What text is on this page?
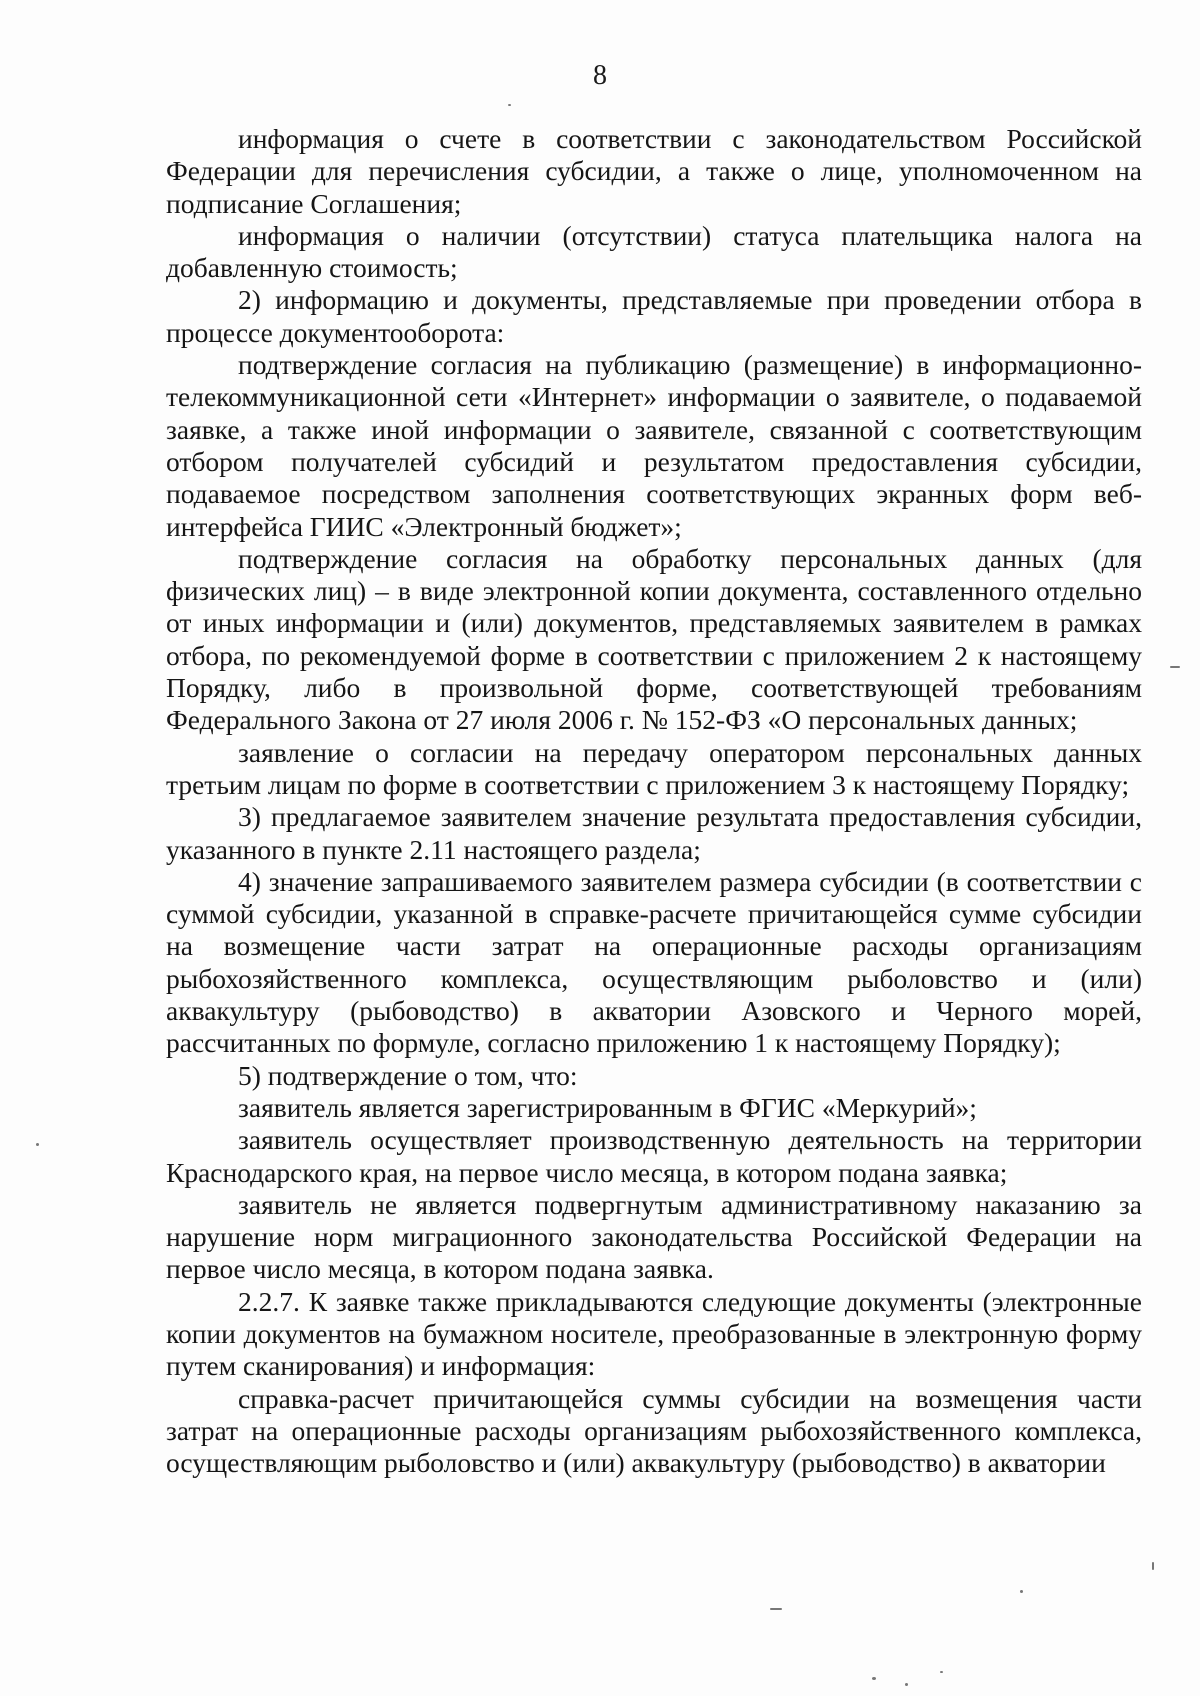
8

информация о счете в соответствии с законодательством Российской Федерации для перечисления субсидии, а также о лице, уполномоченном на подписание Соглашения;

информация о наличии (отсутствии) статуса плательщика налога на добавленную стоимость;

2) информацию и документы, представляемые при проведении отбора в процессе документооборота:

подтверждение согласия на публикацию (размещение) в информационно-телекоммуникационной сети «Интернет» информации о заявителе, о подаваемой заявке, а также иной информации о заявителе, связанной с соответствующим отбором получателей субсидий и результатом предоставления субсидии, подаваемое посредством заполнения соответствующих экранных форм веб-интерфейса ГИИС «Электронный бюджет»;

подтверждение согласия на обработку персональных данных (для физических лиц) – в виде электронной копии документа, составленного отдельно от иных информации и (или) документов, представляемых заявителем в рамках отбора, по рекомендуемой форме в соответствии с приложением 2 к настоящему Порядку, либо в произвольной форме, соответствующей требованиям Федерального Закона от 27 июля 2006 г. № 152-ФЗ «О персональных данных;

заявление о согласии на передачу оператором персональных данных третьим лицам по форме в соответствии с приложением 3 к настоящему Порядку;

3) предлагаемое заявителем значение результата предоставления субсидии, указанного в пункте 2.11 настоящего раздела;

4) значение запрашиваемого заявителем размера субсидии (в соответствии с суммой субсидии, указанной в справке-расчете причитающейся сумме субсидии на возмещение части затрат на операционные расходы организациям рыбохозяйственного комплекса, осуществляющим рыболовство и (или) аквакультуру (рыбоводство) в акватории Азовского и Черного морей, рассчитанных по формуле, согласно приложению 1 к настоящему Порядку);

5) подтверждение о том, что:

заявитель является зарегистрированным в ФГИС «Меркурий»;

заявитель осуществляет производственную деятельность на территории Краснодарского края, на первое число месяца, в котором подана заявка;

заявитель не является подвергнутым административному наказанию за нарушение норм миграционного законодательства Российской Федерации на первое число месяца, в котором подана заявка.

2.2.7. К заявке также прикладываются следующие документы (электронные копии документов на бумажном носителе, преобразованные в электронную форму путем сканирования) и информация:

справка-расчет причитающейся суммы субсидии на возмещения части затрат на операционные расходы организациям рыбохозяйственного комплекса, осуществляющим рыболовство и (или) аквакультуру (рыбоводство) в акватории
